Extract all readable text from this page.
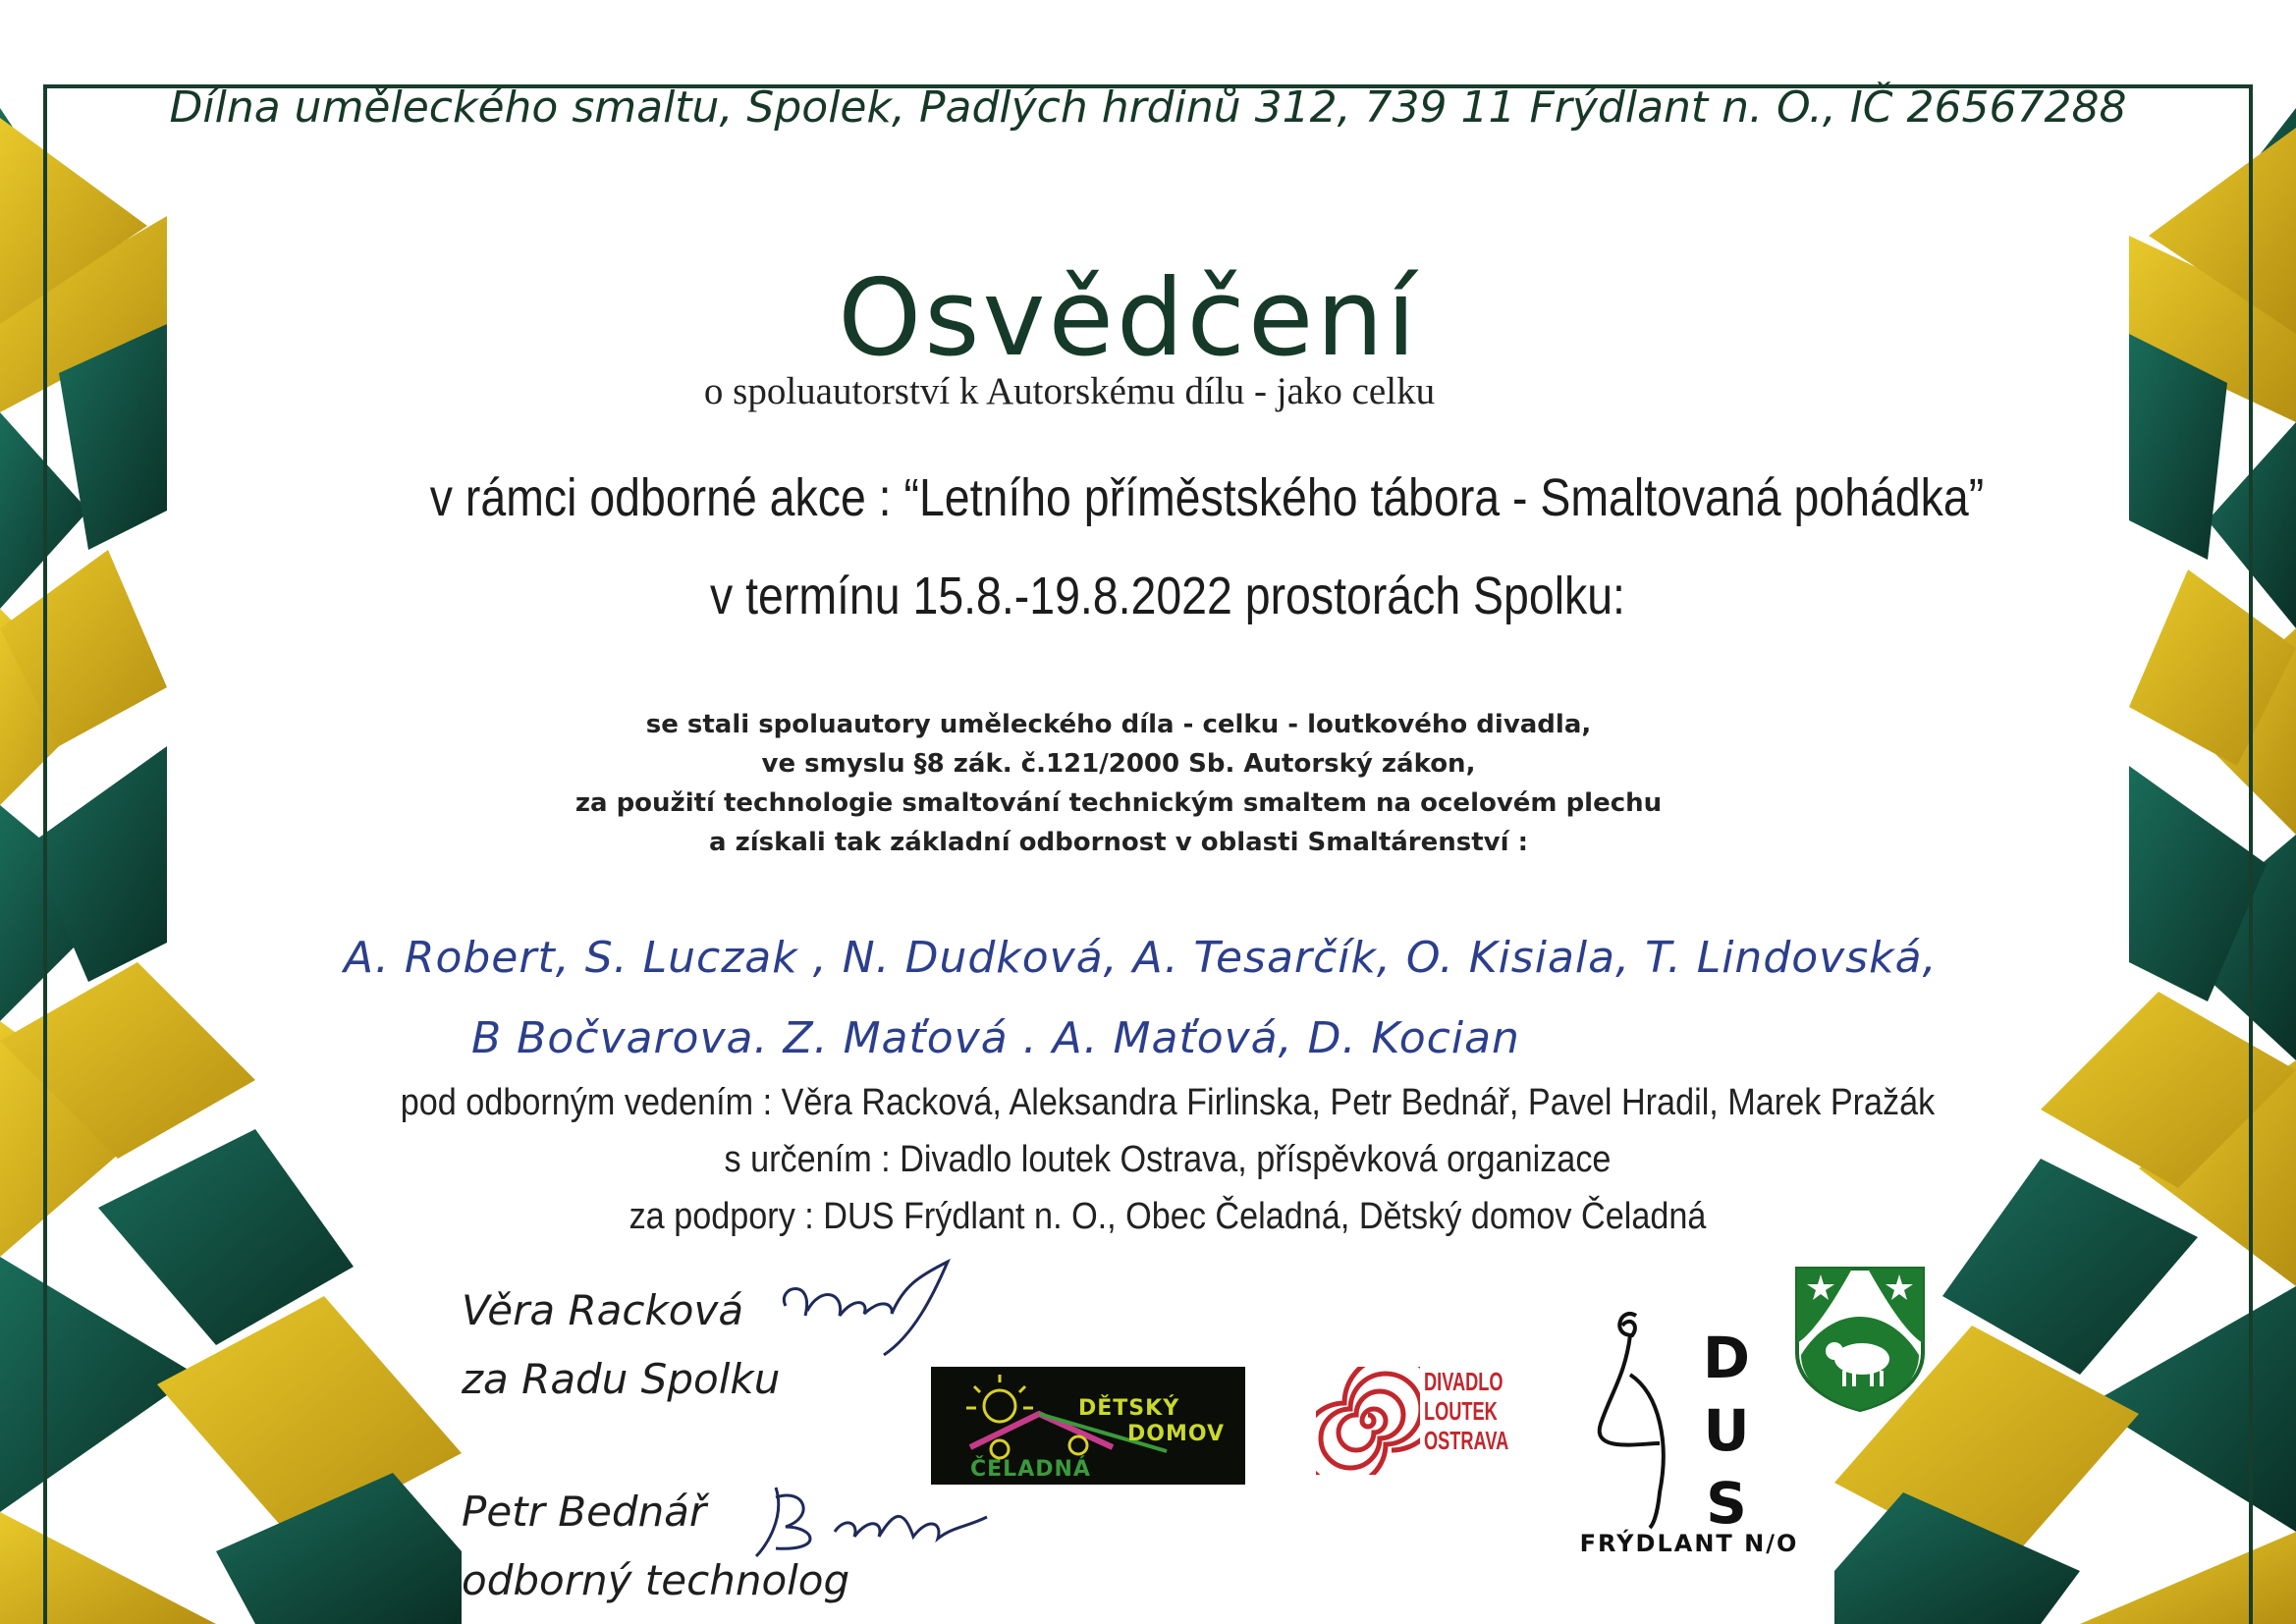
Dílna uměleckého smaltu, Spolek, Padlých hrdinů 312, 739 11 Frýdlant n. O., IČ 26567288
Osvědčení
o spoluautorství k Autorskému dílu - jako celku
v rámci odborné akce : “Letního příměstského tábora - Smaltovaná pohádka”
v termínu 15.8.-19.8.2022 prostorách Spolku:
se stali spoluautory uměleckého díla - celku - loutkového divadla,
ve smyslu §8 zák. č.121/2000 Sb. Autorský zákon,
za použití technologie smaltování technickým smaltem na ocelovém plechu
a získali tak základní odbornost v oblasti Smaltárenství :
A. Robert, S. Luczak , N. Dudková, A. Tesarčík, O. Kisiala, T. Lindovská,
B Bočvarova. Z. Maťová . A. Maťová, D. Kocian
pod odborným vedením : Věra Racková, Aleksandra Firlinska, Petr Bednář, Pavel Hradil, Marek Pražák
s určením : Divadlo loutek Ostrava, příspěvková organizace
za podpory : DUS Frýdlant n. O., Obec Čeladná, Dětský domov Čeladná
Věra Racková
za Radu Spolku
Petr Bednář
odborný technolog
DĚTSKÝ
DOMOV
ČELADNÁ
DIVADLO
LOUTEK
OSTRAVA
D
U
S
FRÝDLANT N/O
